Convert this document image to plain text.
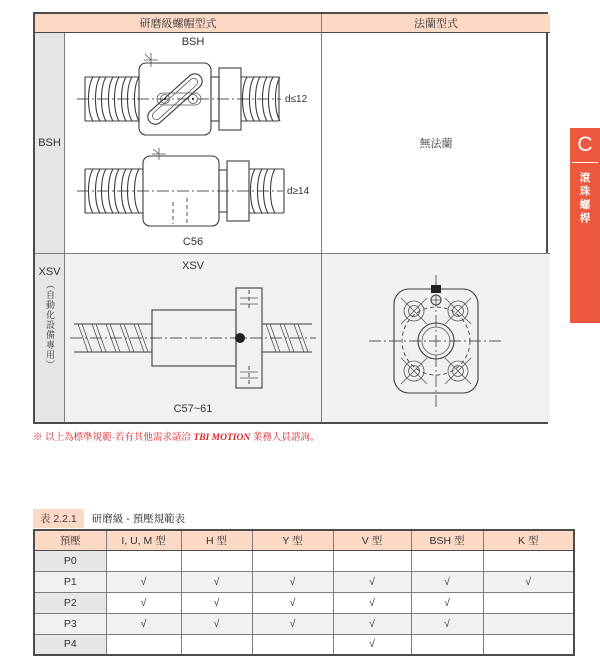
研磨級螺帽型式	法蘭型式
BSH
BSH
d≤12
d≥14
C56
無法蘭
XSV
（自動化設備專用）
XSV
C57~61
※ 以上為標準規範·若有其他需求請洽 TBI MOTION 業務人員諮詢。
C
滾珠螺桿
表 2.2.1	研磨級 - 預壓規範表
預壓	I, U, M 型	H 型	Y 型	V 型	BSH 型	K 型
P0						
P1	√	√	√	√	√	√
P2	√	√	√	√	√	
P3	√	√	√	√	√	
P4				√		
